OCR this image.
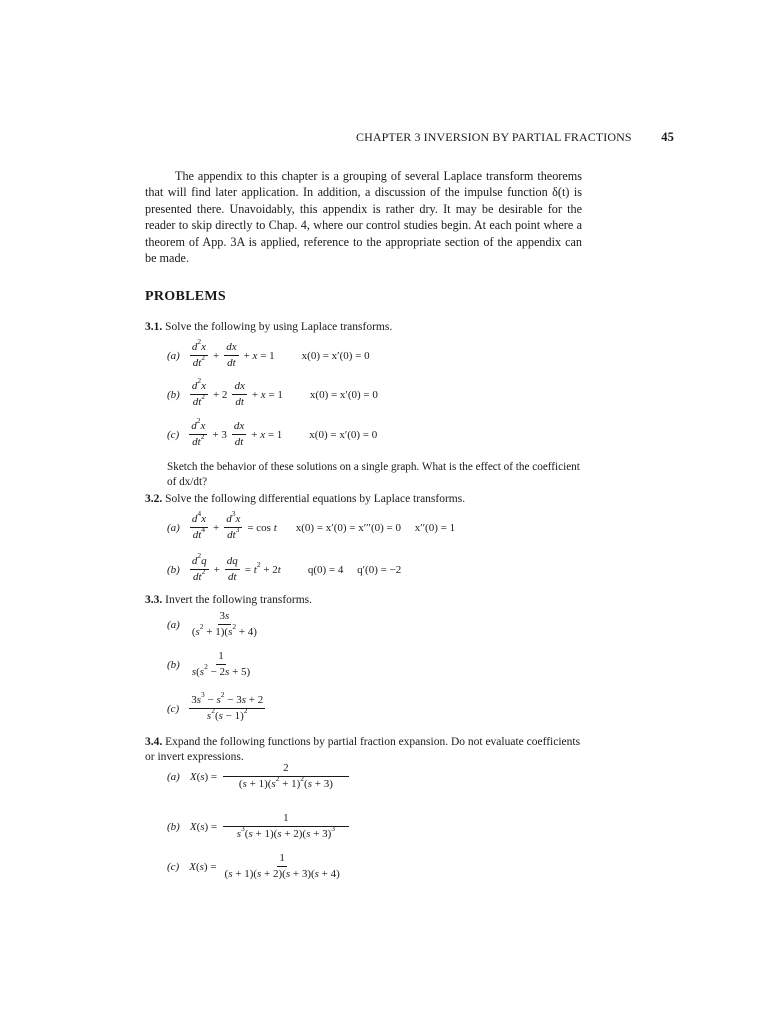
CHAPTER 3 INVERSION BY PARTIAL FRACTIONS 45

The appendix to this chapter is a grouping of several Laplace transform theorems that will find later application. In addition, a discussion of the impulse function δ(t) is presented there. Unavoidably, this appendix is rather dry. It may be desirable for the reader to skip directly to Chap. 4, where our control studies begin. At each point where a theorem of App. 3A is applied, reference to the appropriate section of the appendix can be made.

PROBLEMS
3.1. Solve the following by using Laplace transforms.
$(a) \frac{d^2x}{dt^2} + \frac{dx}{dt} + x = 1$ x(0) = x′(0) = 0
$(b) \frac{d^2x}{dt^2} + 2 \frac{dx}{dt} + x = 1$ x(0) = x′(0) = 0
$(c) \frac{d^2x}{dt^2} + 3 \frac{dx}{dt} + x = 1$ x(0) = x′(0) = 0
Sketch the behavior of these solutions on a single graph. What is the effect of the coefficient of dx/dt?
3.2. Solve the following differential equations by Laplace transforms.
$(a) \frac{d^4x}{dt^4} + \frac{d^3x}{dt^3} = \cos t$ x(0) = x′(0) = x′′′(0) = 0     x′′(0) = 1
$(b) \frac{d^2q}{dt^2} + \frac{dq}{dt} = t^2 + 2t$ q(0) = 4     q′(0) = −2
3.3. Invert the following transforms.
$(a) \frac{3s}{(s^2 + 1)(s^2 + 4)}$
$(b) \frac{1}{s(s^2 - 2s + 5)}$
$(c) \frac{3s^3 - s^2 - 3s + 2}{s^2(s - 1)^2}$
3.4. Expand the following functions by partial fraction expansion. Do not evaluate coefficients or invert expressions.
(a) $X(s) = \frac{2}{(s + 1)(s^2 + 1)^2(s + 3)}$
(b) $X(s) = \frac{1}{s^3(s + 1)(s + 2)(s + 3)^3}$
(c) $X(s) = \frac{1}{(s + 1)(s + 2)(s + 3)(s + 4)}$
